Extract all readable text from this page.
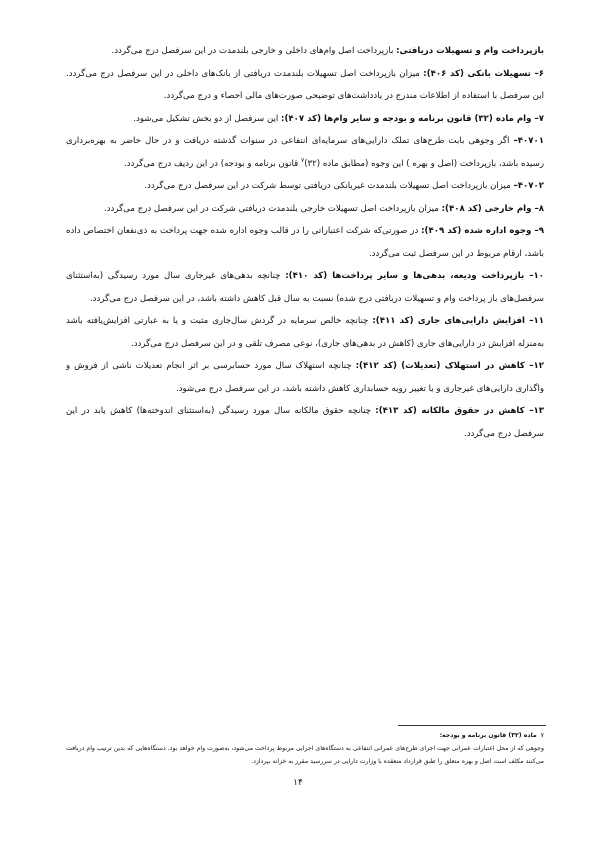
بازپرداخت وام و تسهیلات دریافتی: بازپرداخت اصل وام‌های داخلی و خارجی بلندمدت در این سرفصل درج می‌گردد.

۶– تسهیلات بانکی (کد ۴۰۶): میزان بازپرداخت اصل تسهیلات بلندمدت دریافتی از بانک‌های داخلی در این سرفصل درج می‌گردد. این سرفصل با استفاده از اطلاعات مندرج در یادداشت‌های توضیحی صورت‌های مالی احصاء و درج می‌گردد.

۷– وام ماده (۳۲) قانون برنامه و بودجه و سایر وام‌ها (کد ۴۰۷): این سرفصل از دو بخش تشکیل می‌شود.

۴۰۷۰۱– اگر وجوهی بابت طرح‌های تملک دارایی‌های سرمایه‌ای انتفاعی در سنوات گذشته دریافت و در حال حاضر به بهره‌برداری رسیده باشد، بازپرداخت (اصل و بهره ) این وجوه (مطابق ماده (۳۲)$^۷$ قانون برنامه و بودجه) در این ردیف درج می‌گردد.

۴۰۷۰۲– میزان بازپرداخت اصل تسهیلات بلندمدت غیربانکی دریافتی توسط شرکت در این سرفصل درج می‌گردد.

۸– وام خارجی (کد ۴۰۸): میزان بازپرداخت اصل تسهیلات خارجی بلندمدت دریافتی شرکت در این سرفصل درج می‌گردد.

۹– وجوه اداره شده (کد ۴۰۹): در صورتی‌که شرکت اعتباراتی را در قالب وجوه اداره شده جهت پرداخت به ذی‌نفعان اختصاص داده باشد، ارقام مربوط در این سرفصل ثبت می‌گردد.

۱۰– بازپرداخت ودیعه، بدهی‌ها و سایر پرداخت‌ها (کد ۴۱۰): چنانچه بدهی‌های غیرجاری سال مورد رسیدگی (به‌استثنای سرفصل‌های باز پرداخت وام و تسهیلات دریافتی درج شده) نسبت به سال قبل کاهش داشته باشد، در این سرفصل درج می‌گردد.

۱۱– افزایش دارایی‌های جاری (کد ۴۱۱): چنانچه خالص سرمایه در گردش سال‌جاری مثبت و یا به عبارتی افزایش‌یافته باشد به‌منزله افزایش در دارایی‌های جاری (کاهش در بدهی‌های جاری)، نوعی مصرف تلقی و در این سرفصل درج می‌گردد.

۱۲– کاهش در استهلاک (تعدیلات) (کد ۴۱۲): چنانچه استهلاک سال مورد حسابرسی بر اثر انجام تعدیلات ناشی از فروش و واگذاری دارایی‌های غیرجاری و یا تغییر رویه حسابداری کاهش داشته باشد، در این سرفصل درج می‌شود.

۱۳– کاهش در حقوق مالکانه (کد ۴۱۳): چنانچه حقوق مالکانه سال مورد رسیدگی (به‌استثنای اندوخته‌ها) کاهش یابد در این سرفصل درج می‌گردد.

۷  ماده (۳۲) قانون برنامه و بودجه:

وجوهی که از محل اعتبارات عمرانی جهت اجرای طرح‌های عمرانی انتفاعی به دستگاه‌های اجرایی مربوط پرداخت می‌شود، به‌صورت وام خواهد بود. دستگاه‌هایی که بدین ترتیب وام دریافت می‌کنند مکلف است اصل و بهره متعلق را طبق قرارداد منعقده با وزارت دارایی در سررسید مقرر به خزانه بپردازد.

۱۴
